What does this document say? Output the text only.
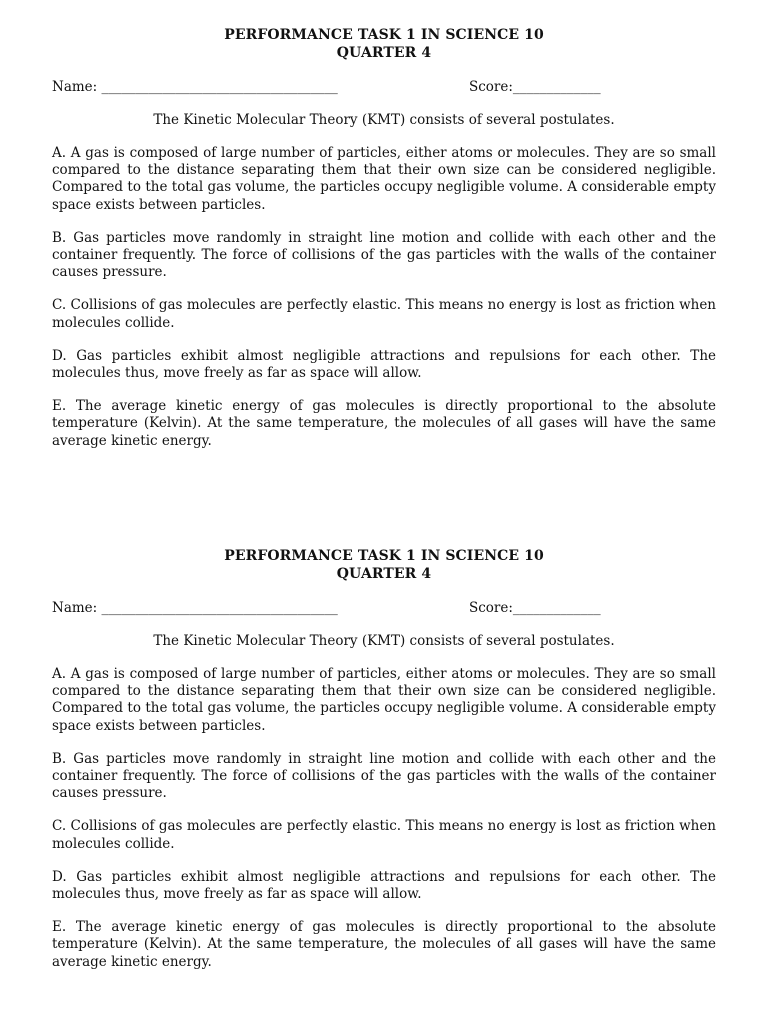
PERFORMANCE TASK 1 IN SCIENCE 10
QUARTER 4
Name: ___________________________________	Score:_____________
The Kinetic Molecular Theory (KMT) consists of several postulates.

A. A gas is composed of large number of particles, either atoms or molecules. They are so small compared to the distance separating them that their own size can be considered negligible. Compared to the total gas volume, the particles occupy negligible volume. A considerable empty space exists between particles.

B. Gas particles move randomly in straight line motion and collide with each other and the container frequently. The force of collisions of the gas particles with the walls of the container causes pressure.

C. Collisions of gas molecules are perfectly elastic. This means no energy is lost as friction when molecules collide.

D. Gas particles exhibit almost negligible attractions and repulsions for each other. The molecules thus, move freely as far as space will allow.

E. The average kinetic energy of gas molecules is directly proportional to the absolute temperature (Kelvin). At the same temperature, the molecules of all gases will have the same average kinetic energy.

PERFORMANCE TASK 1 IN SCIENCE 10
QUARTER 4
Name: ___________________________________	Score:_____________
The Kinetic Molecular Theory (KMT) consists of several postulates.

A. A gas is composed of large number of particles, either atoms or molecules. They are so small compared to the distance separating them that their own size can be considered negligible. Compared to the total gas volume, the particles occupy negligible volume. A considerable empty space exists between particles.

B. Gas particles move randomly in straight line motion and collide with each other and the container frequently. The force of collisions of the gas particles with the walls of the container causes pressure.

C. Collisions of gas molecules are perfectly elastic. This means no energy is lost as friction when molecules collide.

D. Gas particles exhibit almost negligible attractions and repulsions for each other. The molecules thus, move freely as far as space will allow.

E. The average kinetic energy of gas molecules is directly proportional to the absolute temperature (Kelvin). At the same temperature, the molecules of all gases will have the same average kinetic energy.
